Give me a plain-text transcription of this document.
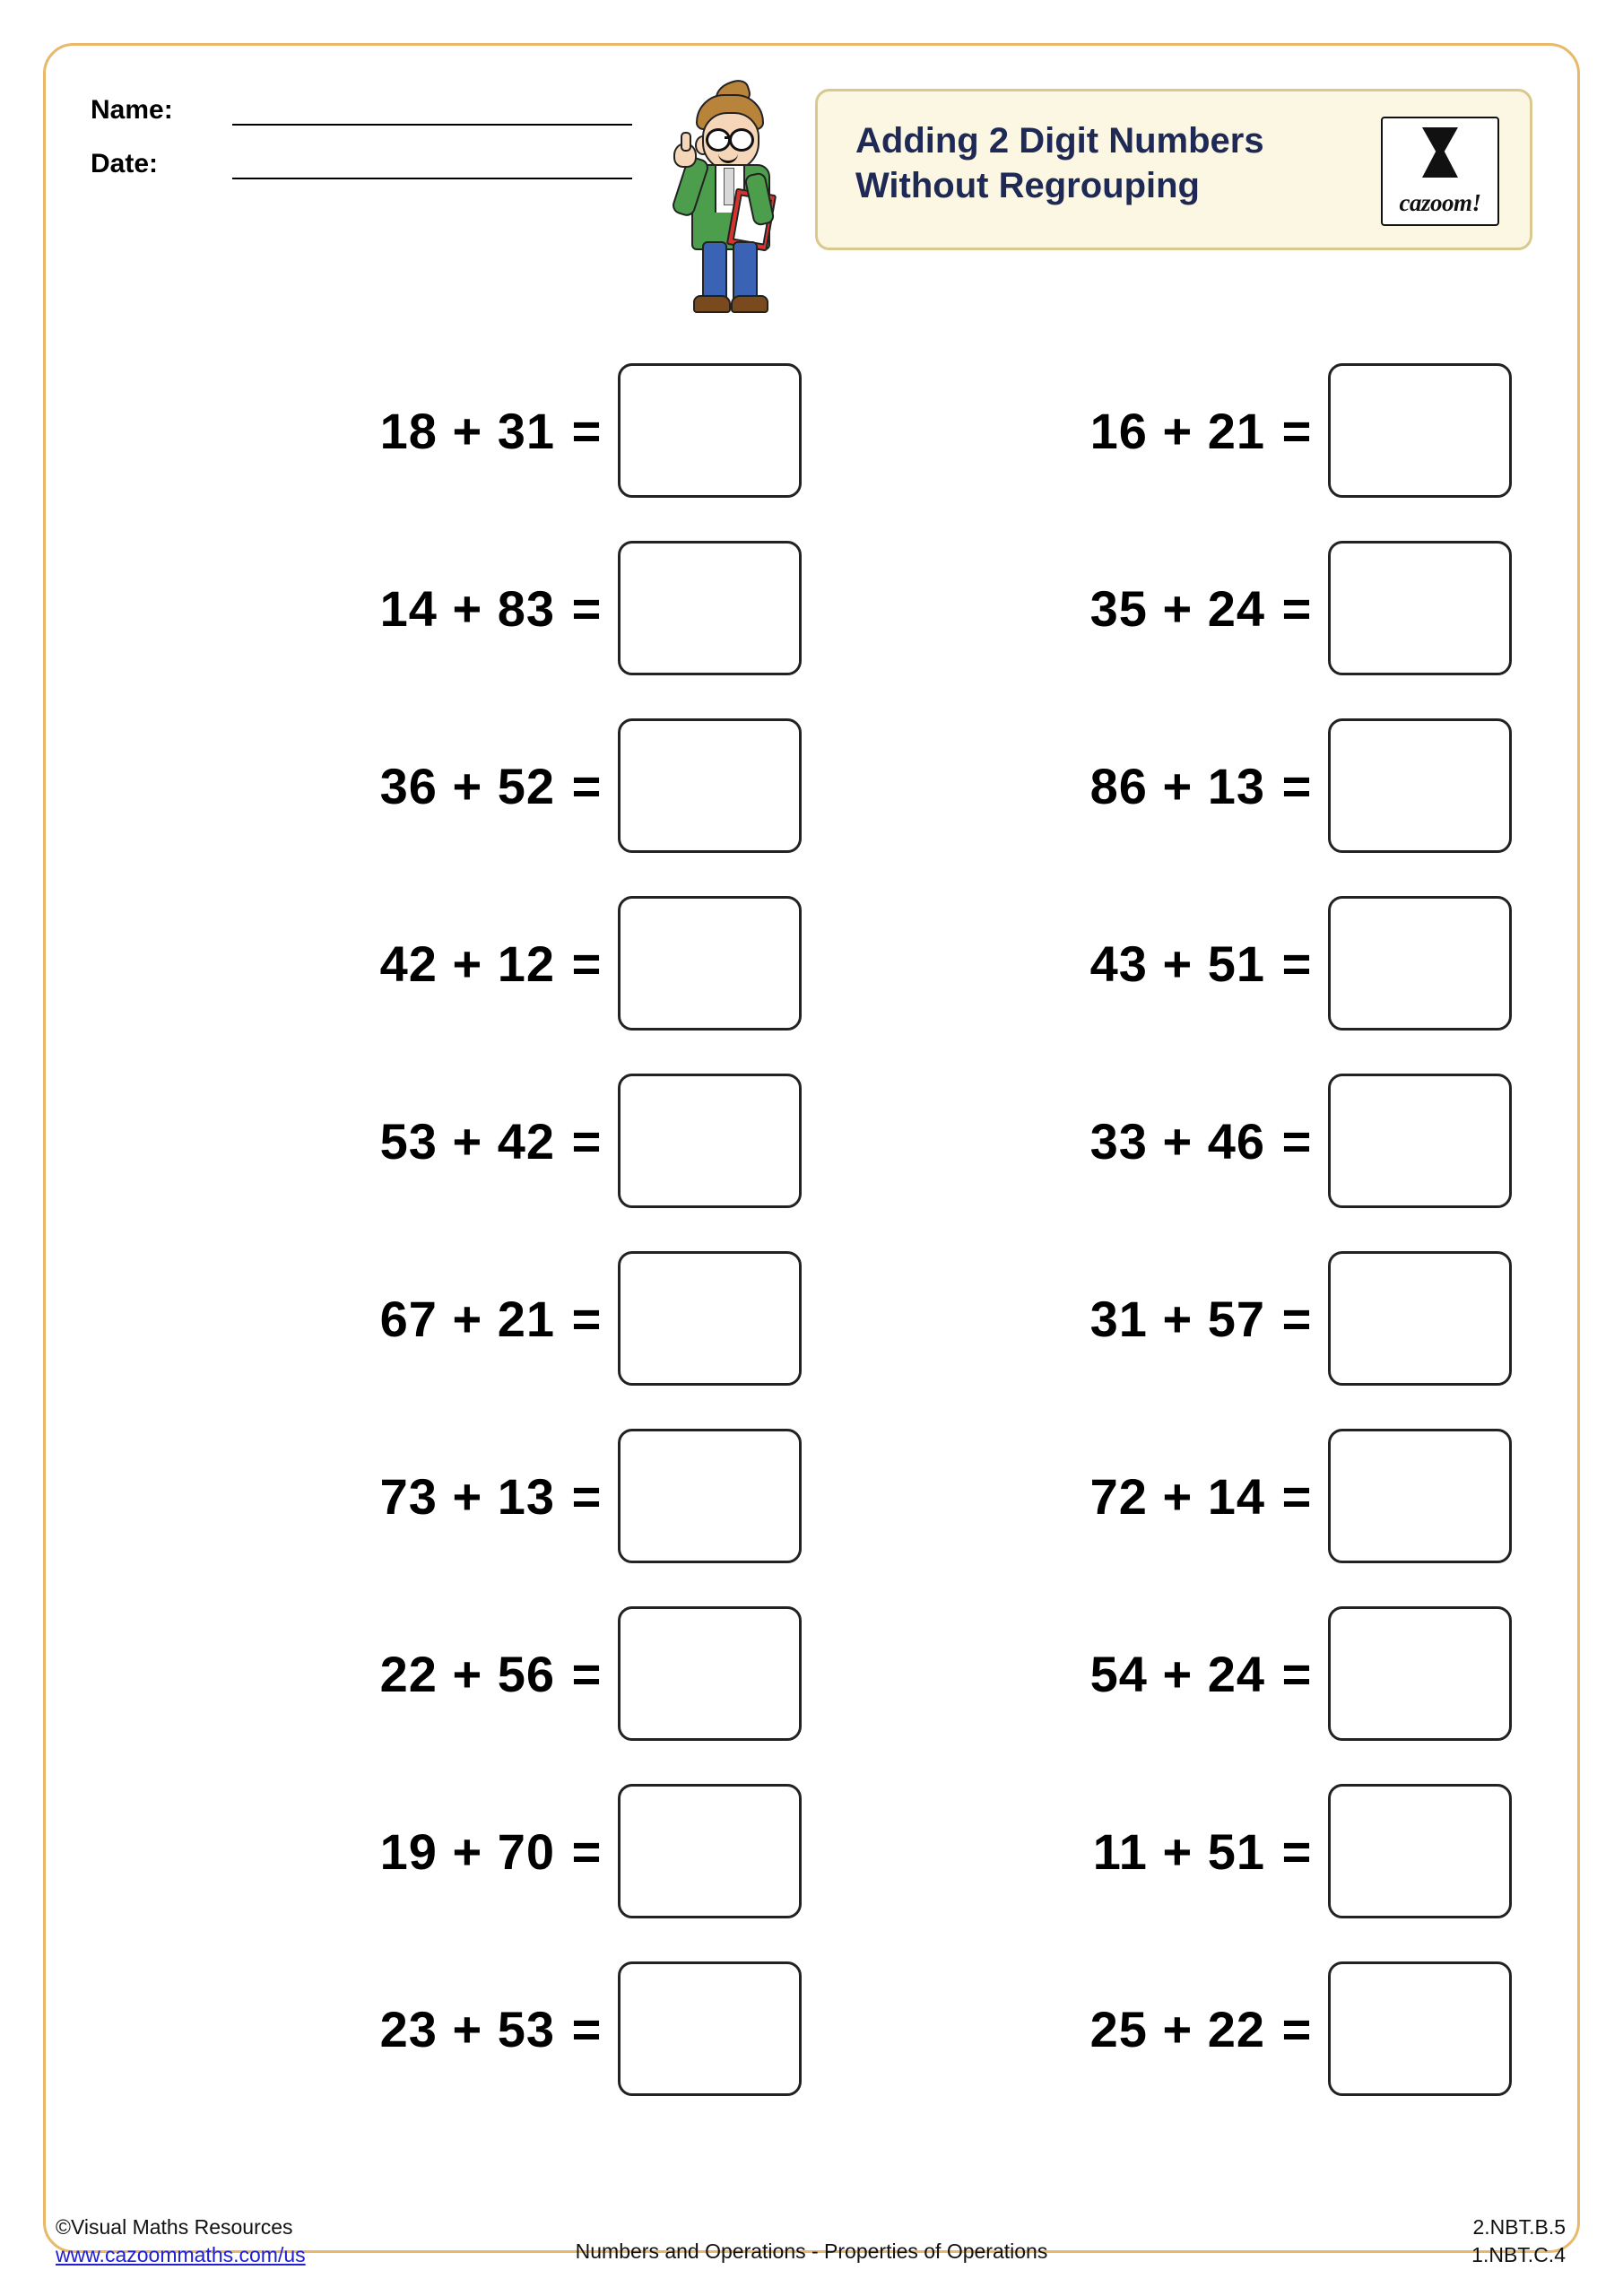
Name:
Date:
Adding 2 Digit Numbers
Without Regrouping	cazoom!
18 + 31 =
14 + 83 =
36 + 52 =
42 + 12 =
53 + 42 =
67 + 21 =
73 + 13 =
22 + 56 =
19 + 70 =
23 + 53 =
16 + 21 =
35 + 24 =
86 + 13 =
43 + 51 =
33 + 46 =
31 + 57 =
72 + 14 =
54 + 24 =
11 + 51 =
25 + 22 =
©Visual Maths Resources
www.cazoommaths.com/us	Numbers and Operations - Properties of Operations
2.NBT.B.5
1.NBT.C.4
